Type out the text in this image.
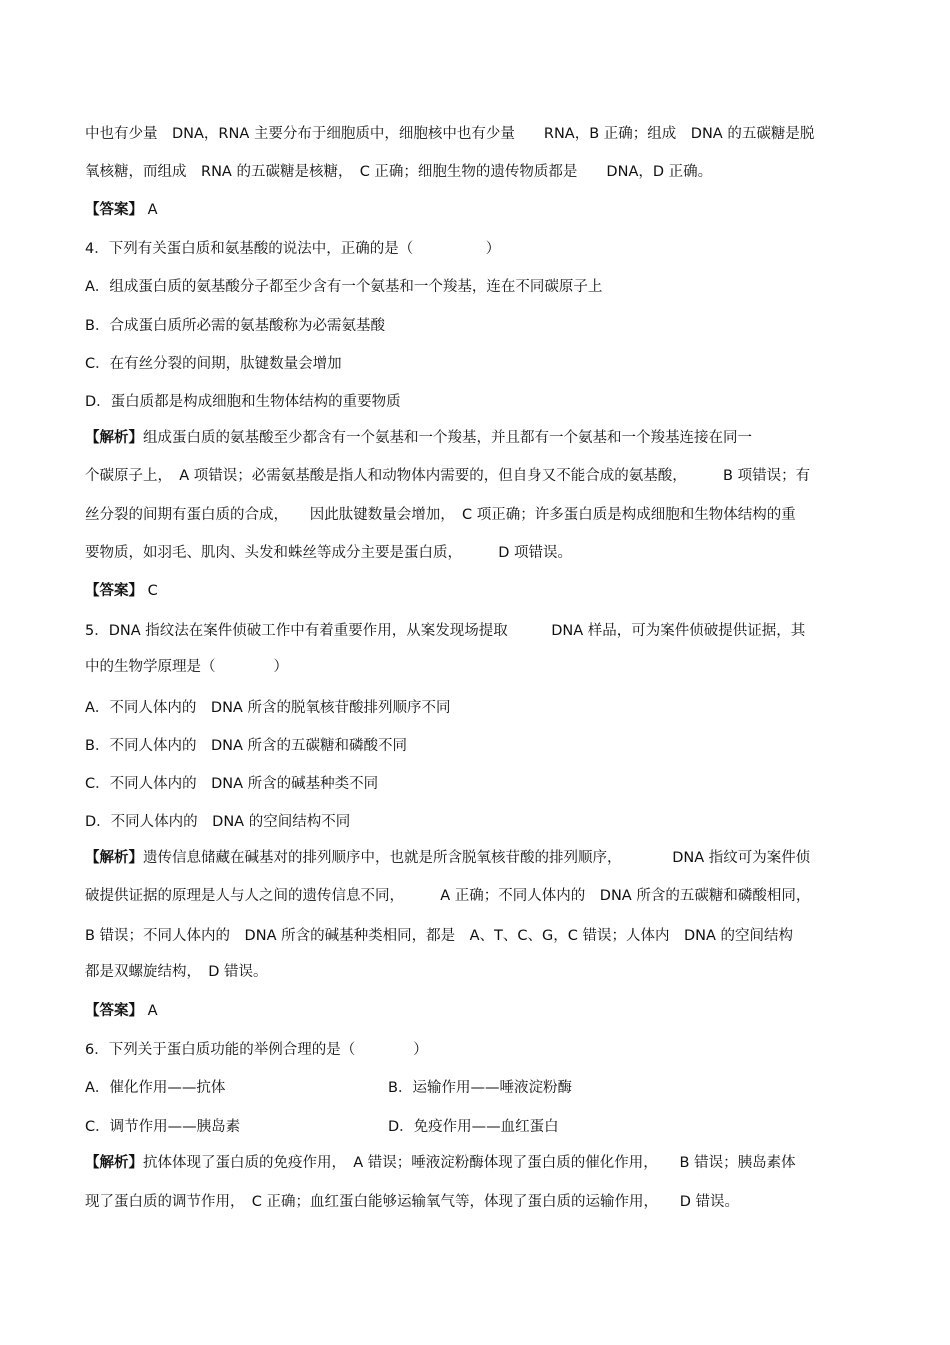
中也有少量　DNA，RNA 主要分布于细胞质中，细胞核中也有少量　　RNA，B 正确；组成　DNA 的五碳糖是脱
氧核糖，而组成　RNA 的五碳糖是核糖，　C 正确；细胞生物的遗传物质都是　　DNA，D 正确。
【答案】 A
4．下列有关蛋白质和氨基酸的说法中，正确的是（　　　　　）
A．组成蛋白质的氨基酸分子都至少含有一个氨基和一个羧基，连在不同碳原子上
B．合成蛋白质所必需的氨基酸称为必需氨基酸
C．在有丝分裂的间期，肽键数量会增加
D．蛋白质都是构成细胞和生物体结构的重要物质
【解析】组成蛋白质的氨基酸至少都含有一个氨基和一个羧基，并且都有一个氨基和一个羧基连接在同一
个碳原子上，　A 项错误；必需氨基酸是指人和动物体内需要的，但自身又不能合成的氨基酸，　　　B 项错误；有
丝分裂的间期有蛋白质的合成，　　因此肽键数量会增加，　C 项正确；许多蛋白质是构成细胞和生物体结构的重
要物质，如羽毛、肌肉、头发和蛛丝等成分主要是蛋白质，　　　D 项错误。
【答案】 C
5．DNA 指纹法在案件侦破工作中有着重要作用，从案发现场提取　　　DNA 样品，可为案件侦破提供证据，其
中的生物学原理是（　　　　）
A．不同人体内的　DNA 所含的脱氧核苷酸排列顺序不同
B．不同人体内的　DNA 所含的五碳糖和磷酸不同
C．不同人体内的　DNA 所含的碱基种类不同
D．不同人体内的　DNA 的空间结构不同
【解析】遗传信息储藏在碱基对的排列顺序中，也就是所含脱氧核苷酸的排列顺序，　　　　DNA 指纹可为案件侦
破提供证据的原理是人与人之间的遗传信息不同，　　　A 正确；不同人体内的　DNA 所含的五碳糖和磷酸相同，
B 错误；不同人体内的　DNA 所含的碱基种类相同，都是　A、T、C、G，C 错误；人体内　DNA 的空间结构
都是双螺旋结构，　D 错误。
【答案】 A
6．下列关于蛋白质功能的举例合理的是（　　　　）
A．催化作用——抗体	B．运输作用——唾液淀粉酶
C．调节作用——胰岛素	D．免疫作用——血红蛋白
【解析】抗体体现了蛋白质的免疫作用，　A 错误；唾液淀粉酶体现了蛋白质的催化作用，　　B 错误；胰岛素体
现了蛋白质的调节作用，　C 正确；血红蛋白能够运输氧气等，体现了蛋白质的运输作用，　　D 错误。
